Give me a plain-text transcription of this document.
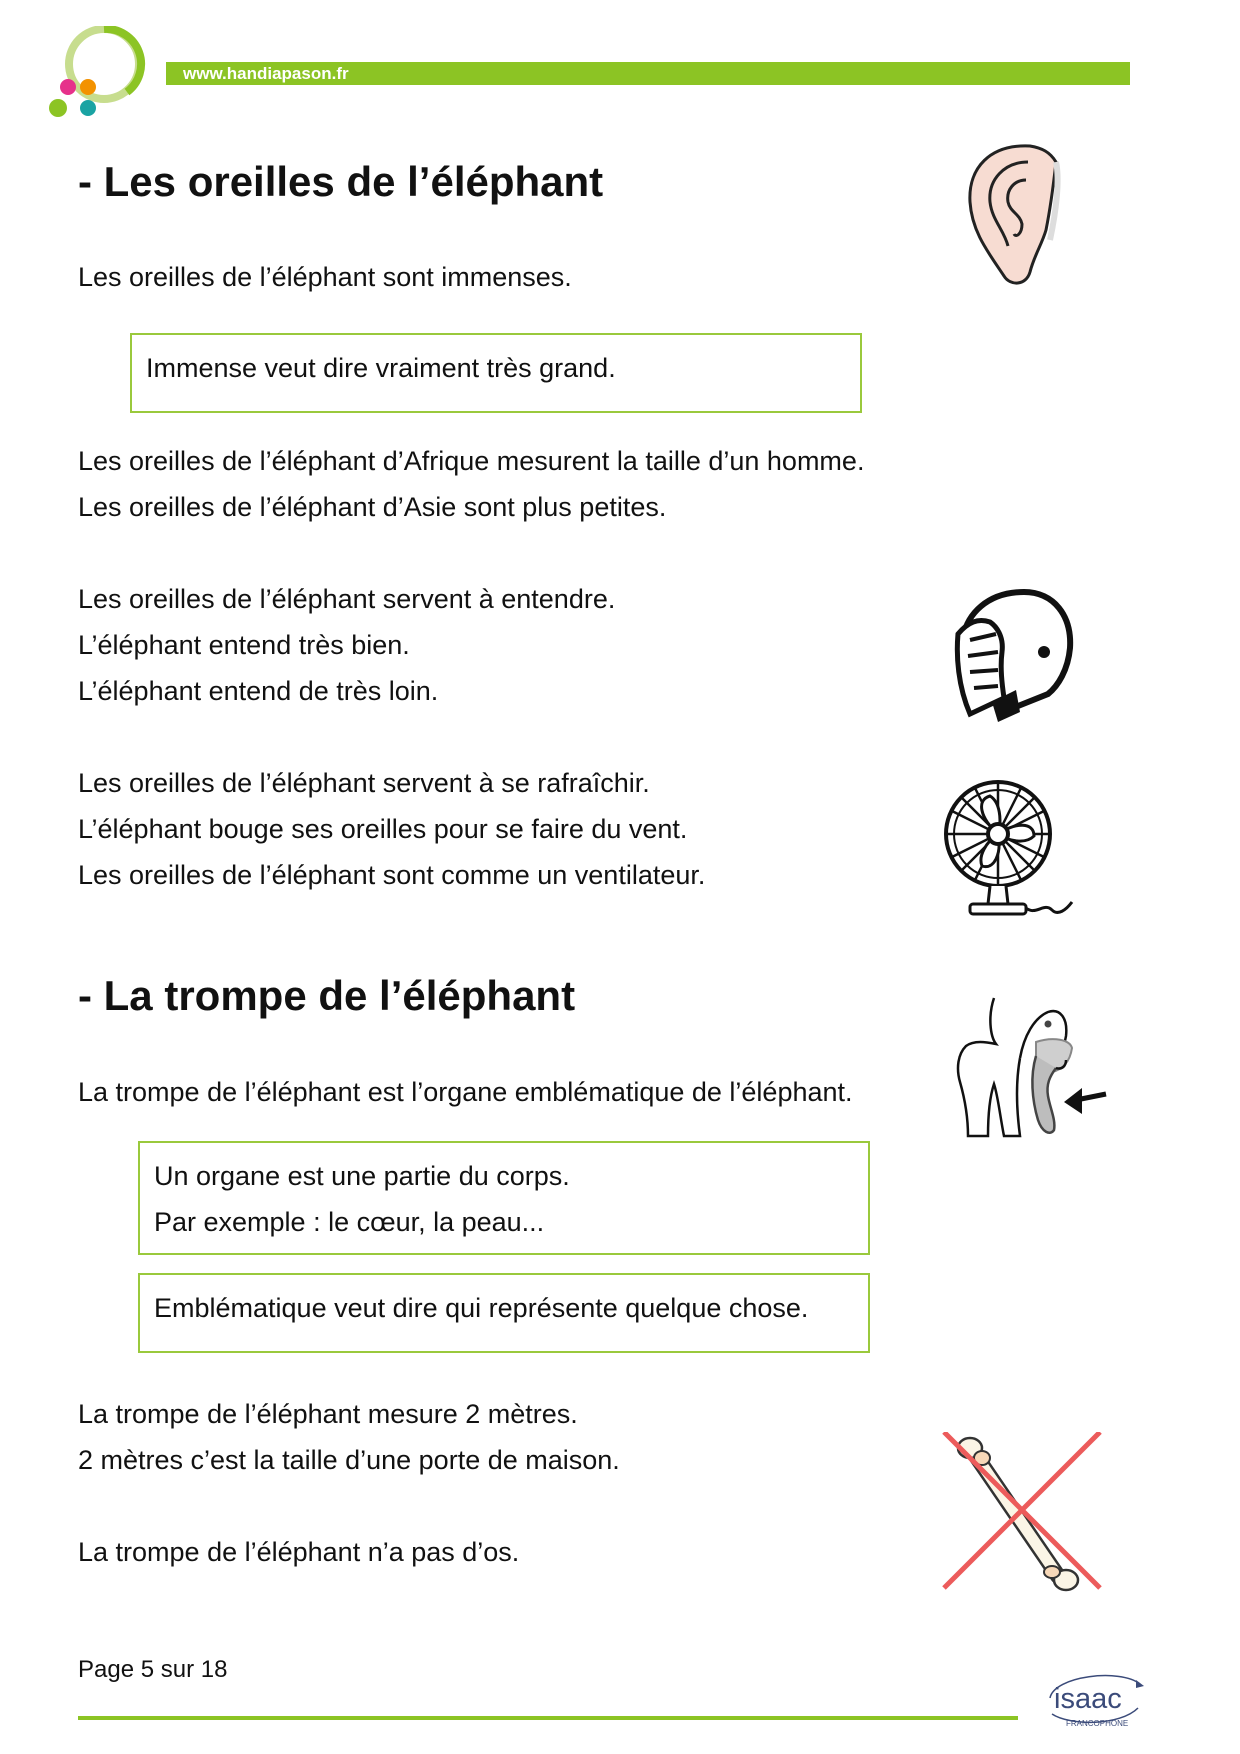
www.handiapason.fr
- Les oreilles de l’éléphant

Les oreilles de l’éléphant sont immenses.

Immense veut dire vraiment très grand.
Les oreilles de l’éléphant d’Afrique mesurent la taille d’un homme.
Les oreilles de l’éléphant d’Asie sont plus petites.
Les oreilles de l’éléphant servent à entendre.
L’éléphant entend très bien.
L’éléphant entend de très loin.
Les oreilles de l’éléphant servent à se rafraîchir.
L’éléphant bouge ses oreilles pour se faire du vent.
Les oreilles de l’éléphant sont comme un ventilateur.
- La trompe de l’éléphant

La trompe de l’éléphant est l’organe emblématique de l’éléphant.

Un organe est une partie du corps.
Par exemple : le cœur, la peau...
Emblématique veut dire qui représente quelque chose.
La trompe de l’éléphant mesure 2 mètres.
2 mètres c’est la taille d’une porte de maison.

La trompe de l’éléphant n’a pas d’os.

Page 5 sur 18
isaac
FRANCOPHONE
